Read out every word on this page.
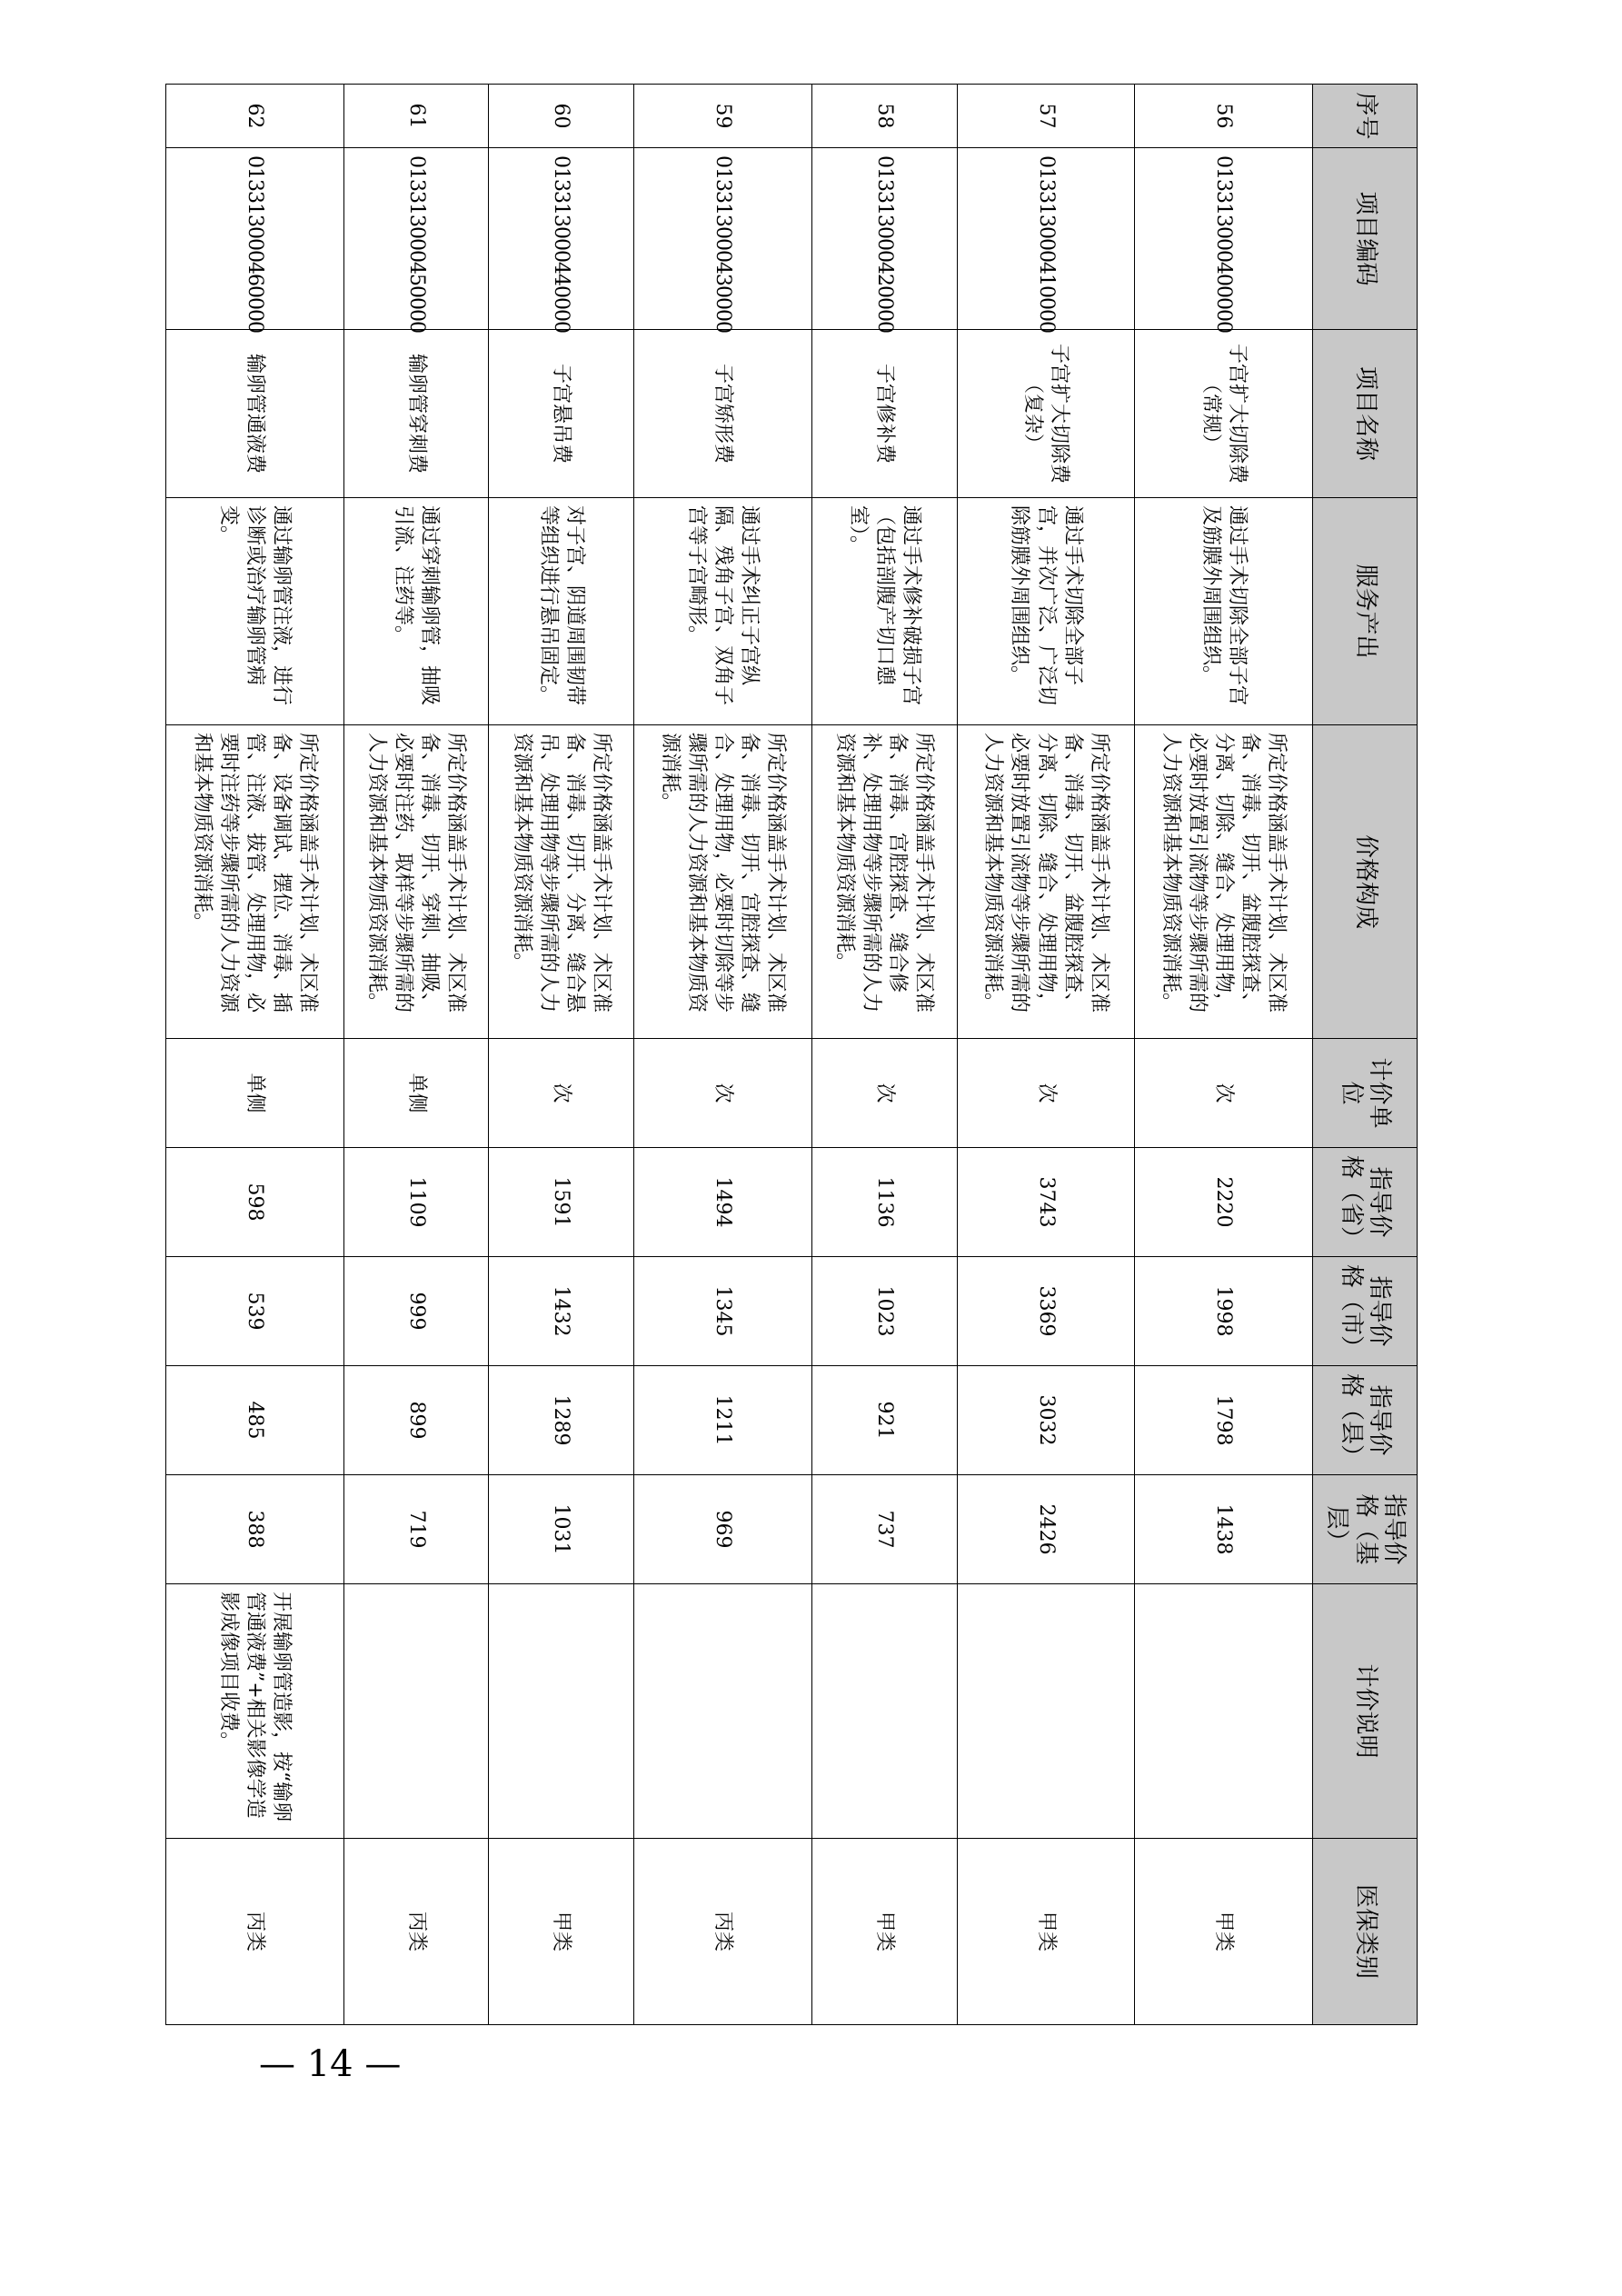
序号	项目编码	项目名称	服务产出	价格构成	计价单位	指导价格（省）	指导价格（市）	指导价格（县）	指导价格（基层）	计价说明	医保类别
56	013313000400000	子宫扩大切除费（常规）	通过手术切除全部子宫及筋膜外周围组织。	所定价格涵盖手术计划、术区准备、消毒、切开、盆腹腔探查、分离、切除、缝合、处理用物，必要时放置引流物等步骤所需的人力资源和基本物质资源消耗。	次	2220	1998	1798	1438		甲类
57	013313000410000	子宫扩大切除费（复杂）	通过手术切除全部子宫，并次广泛、广泛切除筋膜外周围组织。	所定价格涵盖手术计划、术区准备、消毒、切开、盆腹腔探查、分离、切除、缝合、处理用物，必要时放置引流物等步骤所需的人力资源和基本物质资源消耗。	次	3743	3369	3032	2426		甲类
58	013313000420000	子宫修补费	通过手术修补破损子宫（包括剖腹产切口憩室）。	所定价格涵盖手术计划、术区准备、消毒、宫腔探查、缝合修补、处理用物等步骤所需的人力资源和基本物质资源消耗。	次	1136	1023	921	737		甲类
59	013313000430000	子宫矫形费	通过手术纠正子宫纵隔、残角子宫、双角子宫等子宫畸形。	所定价格涵盖手术计划、术区准备、消毒、切开、宫腔探查、缝合、处理用物，必要时切除等步骤所需的人力资源和基本物质资源消耗。	次	1494	1345	1211	969		丙类
60	013313000440000	子宫悬吊费	对子宫、阴道周围韧带等组织进行悬吊固定。	所定价格涵盖手术计划、术区准备、消毒、切开、分离、缝合悬吊、处理用物等步骤所需的人力资源和基本物质资源消耗。	次	1591	1432	1289	1031		甲类
61	013313000450000	输卵管穿刺费	通过穿刺输卵管，抽吸引流、注药等。	所定价格涵盖手术计划、术区准备、消毒、切开、穿刺、抽吸、必要时注药、取样等步骤所需的人力资源和基本物质资源消耗。	单侧	1109	999	899	719		丙类
62	013313000460000	输卵管通液费	通过输卵管注液，进行诊断或治疗输卵管病变。	所定价格涵盖手术计划、术区准备、设备调试、摆位、消毒、插管、注液、拔管、处理用物，必要时注药等步骤所需的人力资源和基本物质资源消耗。	单侧	598	539	485	388	开展输卵管造影，按“输卵管通液费”+相关影像学造影成像项目收费。	丙类
— 14 —
